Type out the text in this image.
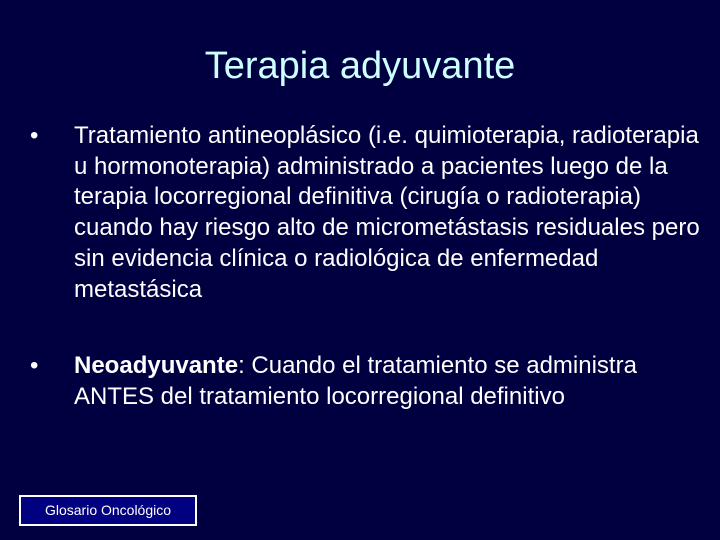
Terapia adyuvante
•	Tratamiento antineoplásico (i.e. quimioterapia, radioterapia u hormonoterapia) administrado a pacientes luego de la terapia locorregional definitiva (cirugía o radioterapia) cuando hay riesgo alto de micrometástasis residuales pero sin evidencia clínica o radiológica de enfermedad metastásica
•	Neoadyuvante: Cuando el tratamiento se administra ANTES del tratamiento locorregional definitivo
Glosario Oncológico
